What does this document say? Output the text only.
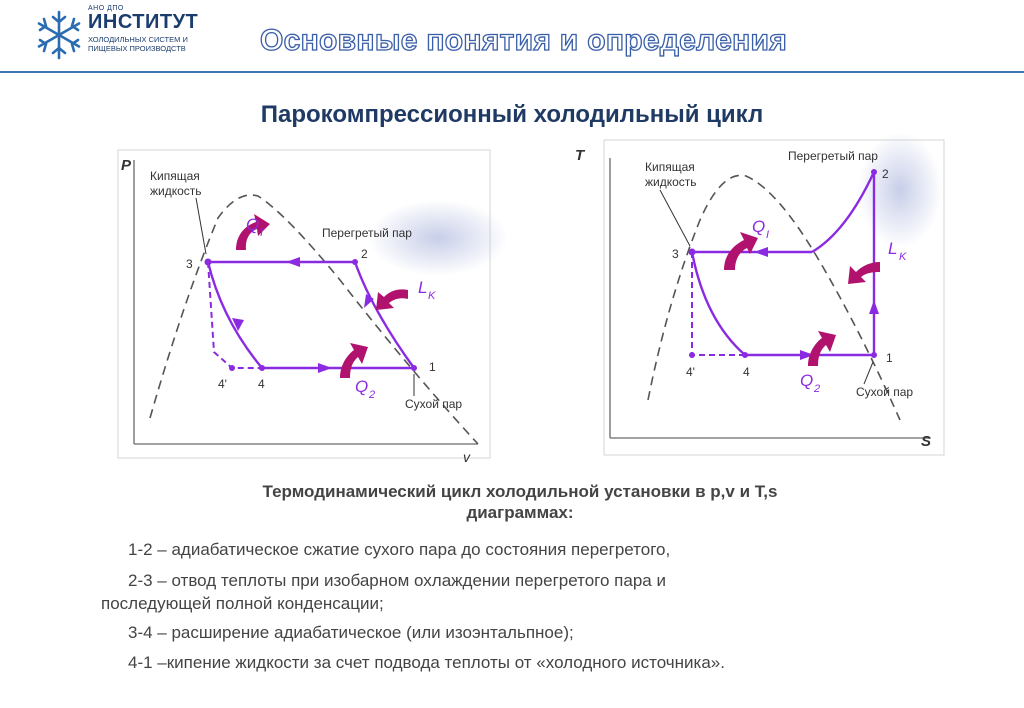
АНО ДПО
ИНСТИТУТ
ХОЛОДИЛЬНЫХ СИСТЕМ И
ПИЩЕВЫХ ПРОИЗВОДСТВ Основные понятия и определения
Парокомпрессионный холодильный цикл
P
v
Кипящая
жидкость
Перегретый пар
Сухой пар
3
2
1
4
4'
Q I
L K
Q 2
T
S
Кипящая
жидкость
Перегретый пар
Сухой пар
3
2
1
4
4'
Q I
L K
Q 2
Термодинамический цикл холодильной установки в p,v и T,s
диаграммах:
1-2 – адиабатическое сжатие сухого пара до состояния перегретого,
2-3 – отвод теплоты при изобарном охлаждении перегретого пара и
последующей полной конденсации;
3-4 – расширение адиабатическое (или изоэнтальпное);
4-1 –кипение жидкости за счет подвода теплоты от «холодного источника».
